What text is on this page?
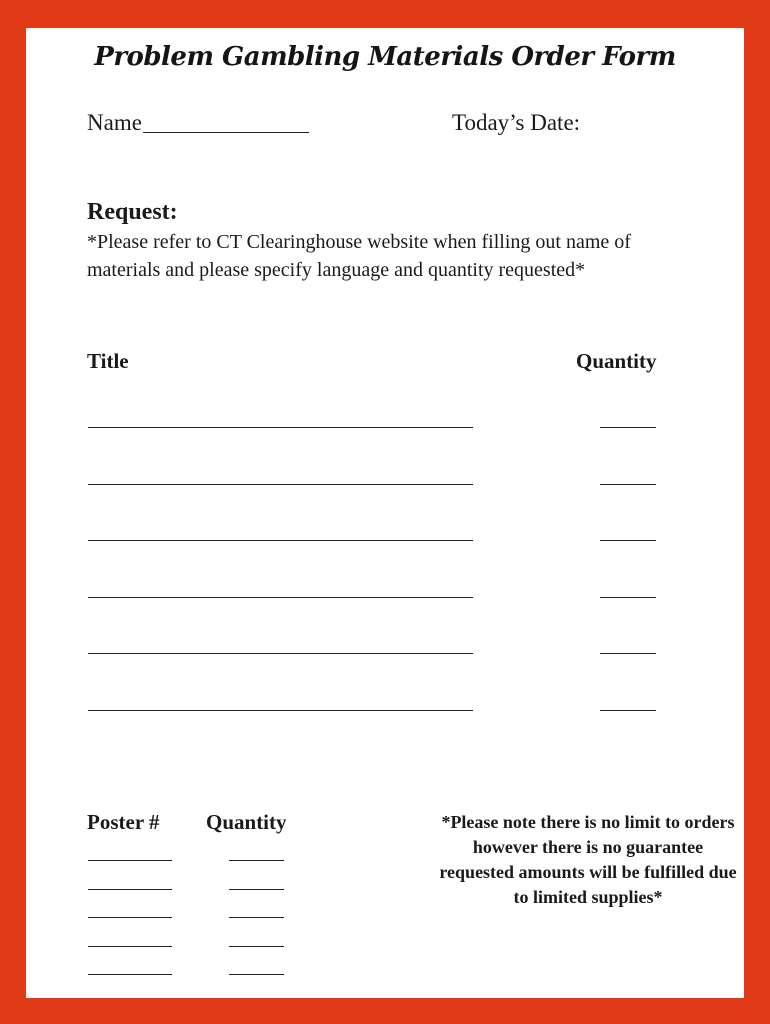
Problem Gambling Materials Order Form
Name	Today’s Date:
Request:
*Please refer to CT Clearinghouse website when filling out name of materials and please specify language and quantity requested*
Title	Quantity
Poster # Quantity	*Please note there is no limit to orders however there is no guarantee requested amounts will be fulfilled due to limited supplies*
